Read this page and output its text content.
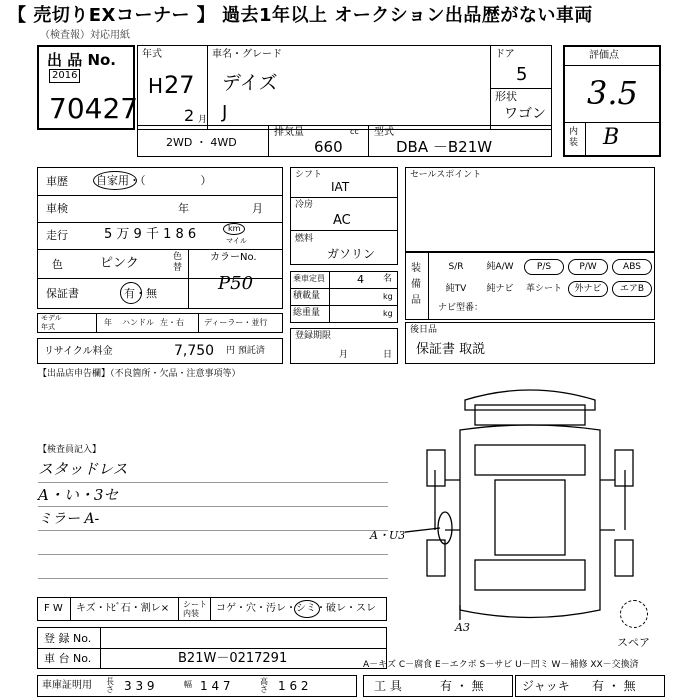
【 売切りEXコーナー 】 過去1年以上 オークション出品歴がない車両
（検査報）対応用紙
出 品 No.
2016
70427
年式
H 27
2 月
車名・グレード
デイズ
J
ドア
5
形状
ワゴン
評価点
3.5
内装 B
2WD ・ 4WD
排気量	cc
660
型式
DBA －B21W
車歴	自家用・（　　　　　）
車検	年	月
走行	5 万 9 千 1 8 6	km
マイル
色	ピンク	色替
カラーNo.
P50
保証書	有・無
モデル
年式	年 ハンドル 左・右	ディーラー・並行
リサイクル料金	7,750 円 預託済
シフト
IAT
冷房
AC
燃料
ガソリン
乗車定員	4 名
積載量	kg
総重量	kg
登録期限
月	日
セールスポイント
装備品
ナビ型番：
S/R	純A/W	P/S	P/W	ABS
純TV	純ナビ	革シート	外ナビ	エアB
後日品
保証書 取説
【出品店申告欄】（不良箇所・欠品・注意事項等）
【検査員記入】
スタッドレス
A・い・3セ
ミラー A-
A・U3
A3
スペア
F W キズ・ﾄﾋﾞ石・割レ× シート内装	コゲ・穴・汚レ・シミ・破レ・スレ
登 録 No.
車 台 No.	B21W－0217291	A－キズ C－腐食 E－エクボ S－サビ U－凹ミ W－補修 XX－交換済
車庫証明用 長さ 3 3 9	幅 1 4 7	高さ 1 6 2	工 具	有 ・ 無	ジャッキ 有 ・ 無
